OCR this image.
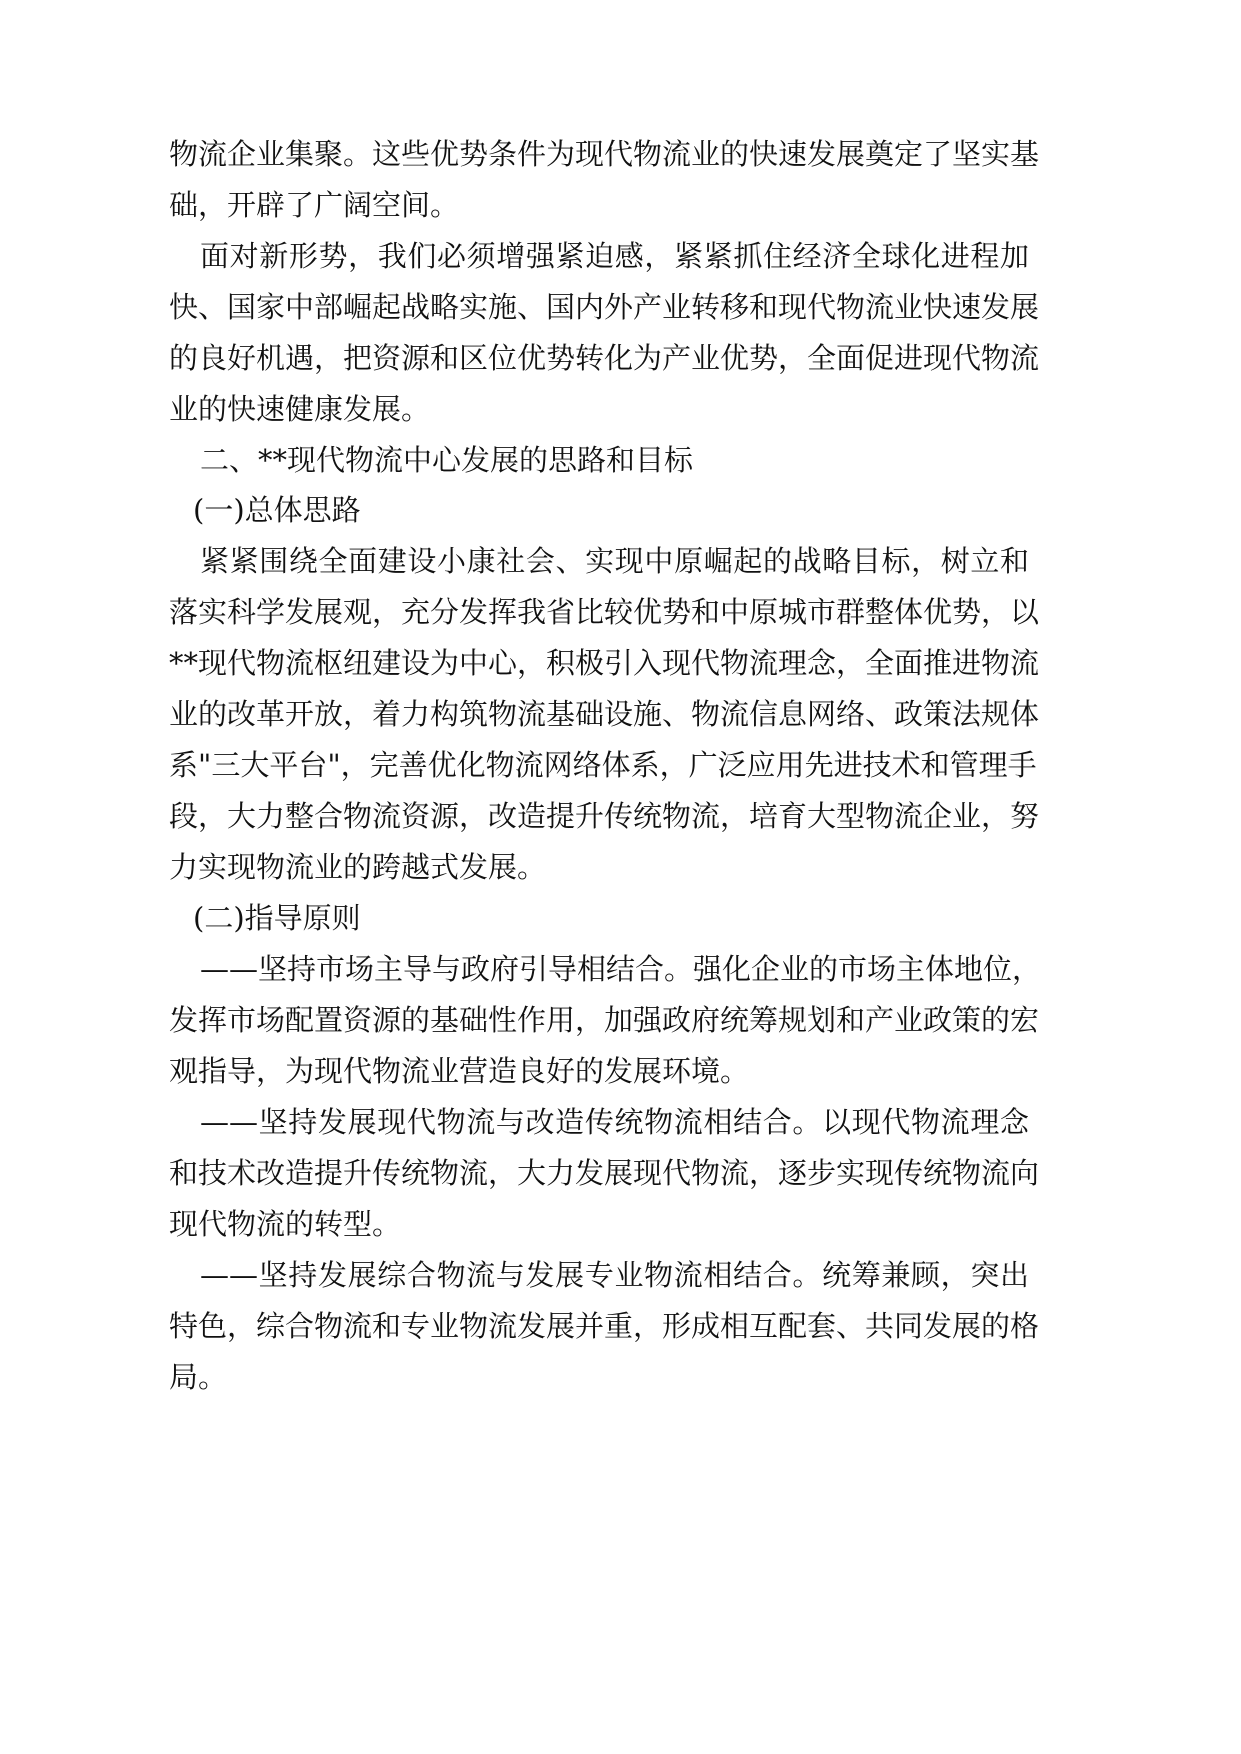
物流企业集聚。这些优势条件为现代物流业的快速发展奠定了坚实基
础，开辟了广阔空间。
面对新形势，我们必须增强紧迫感，紧紧抓住经济全球化进程加
快、国家中部崛起战略实施、国内外产业转移和现代物流业快速发展
的良好机遇，把资源和区位优势转化为产业优势，全面促进现代物流
业的快速健康发展。
二、**现代物流中心发展的思路和目标
(一)总体思路
紧紧围绕全面建设小康社会、实现中原崛起的战略目标，树立和
落实科学发展观，充分发挥我省比较优势和中原城市群整体优势，以
**现代物流枢纽建设为中心，积极引入现代物流理念，全面推进物流
业的改革开放，着力构筑物流基础设施、物流信息网络、政策法规体
系"三大平台"，完善优化物流网络体系，广泛应用先进技术和管理手
段，大力整合物流资源，改造提升传统物流，培育大型物流企业，努
力实现物流业的跨越式发展。
(二)指导原则
——坚持市场主导与政府引导相结合。强化企业的市场主体地位，
发挥市场配置资源的基础性作用，加强政府统筹规划和产业政策的宏
观指导，为现代物流业营造良好的发展环境。
——坚持发展现代物流与改造传统物流相结合。以现代物流理念
和技术改造提升传统物流，大力发展现代物流，逐步实现传统物流向
现代物流的转型。
——坚持发展综合物流与发展专业物流相结合。统筹兼顾，突出
特色，综合物流和专业物流发展并重，形成相互配套、共同发展的格
局。
